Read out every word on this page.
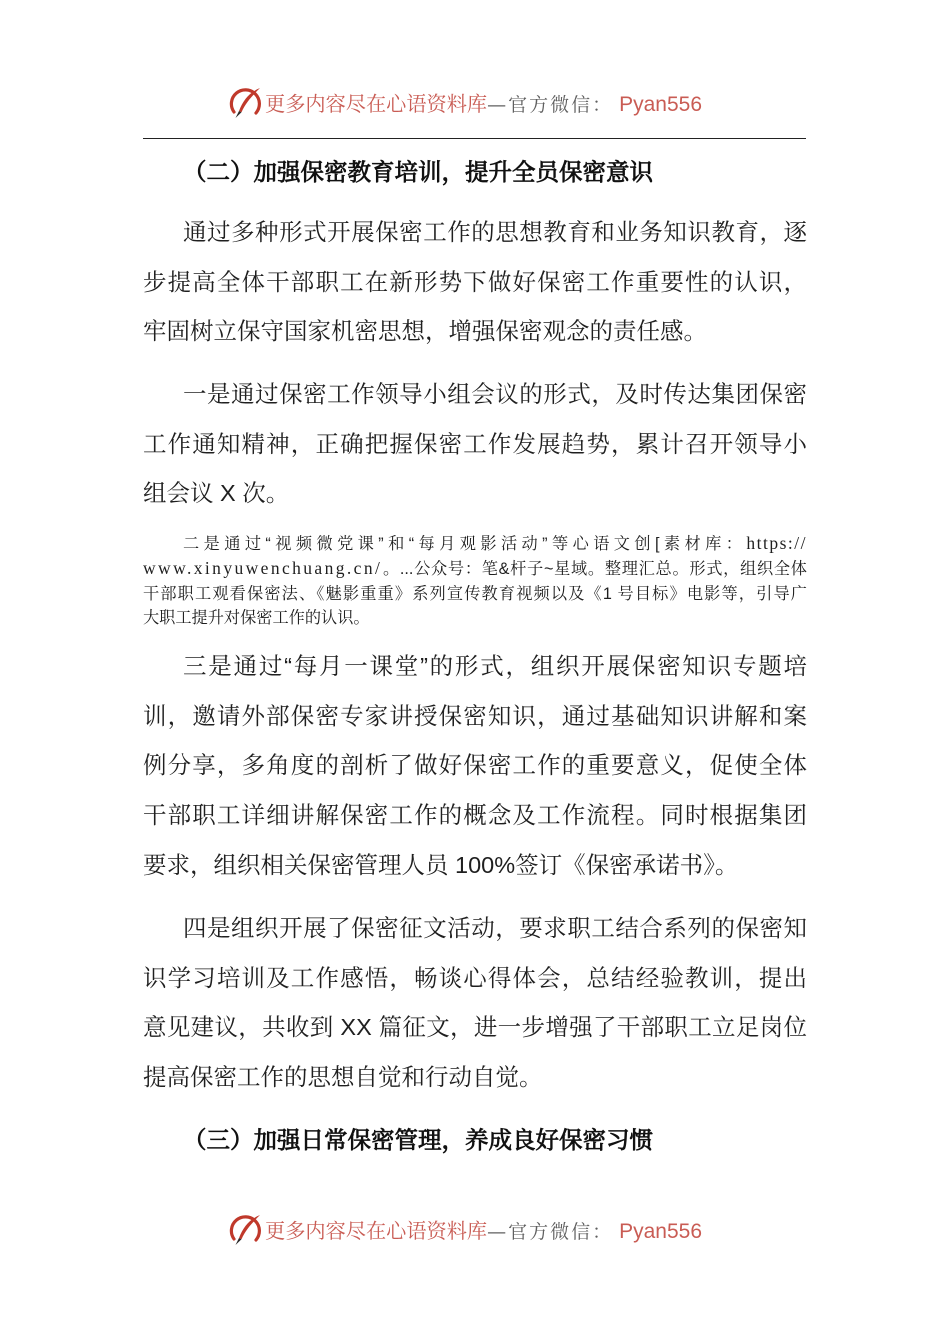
更多内容尽在心语资料库—官方微信： Pyan556
（二）加强保密教育培训，提升全员保密意识
通过多种形式开展保密工作的思想教育和业务知识教育，逐
步提高全体干部职工在新形势下做好保密工作重要性的认识，
牢固树立保守国家机密思想，增强保密观念的责任感。
一是通过保密工作领导小组会议的形式，及时传达集团保密
工作通知精神，正确把握保密工作发展趋势，累计召开领导小
组会议 X 次。
二是通过“视频微党课”和“每月观影活动”等心语文创[素材库：https://
www.xinyuwenchuang.cn/。...公众号：笔&杆子~星域。整理汇总。形式，组织全体
干部职工观看保密法、《魅影重重》系列宣传教育视频以及《1 号目标》电影等，引导广
大职工提升对保密工作的认识。
三是通过“每月一课堂”的形式，组织开展保密知识专题培
训，邀请外部保密专家讲授保密知识，通过基础知识讲解和案
例分享，多角度的剖析了做好保密工作的重要意义，促使全体
干部职工详细讲解保密工作的概念及工作流程。同时根据集团
要求，组织相关保密管理人员 100%签订《保密承诺书》。
四是组织开展了保密征文活动，要求职工结合系列的保密知
识学习培训及工作感悟，畅谈心得体会，总结经验教训，提出
意见建议，共收到 XX 篇征文，进一步增强了干部职工立足岗位
提高保密工作的思想自觉和行动自觉。
（三）加强日常保密管理，养成良好保密习惯
更多内容尽在心语资料库—官方微信： Pyan556
